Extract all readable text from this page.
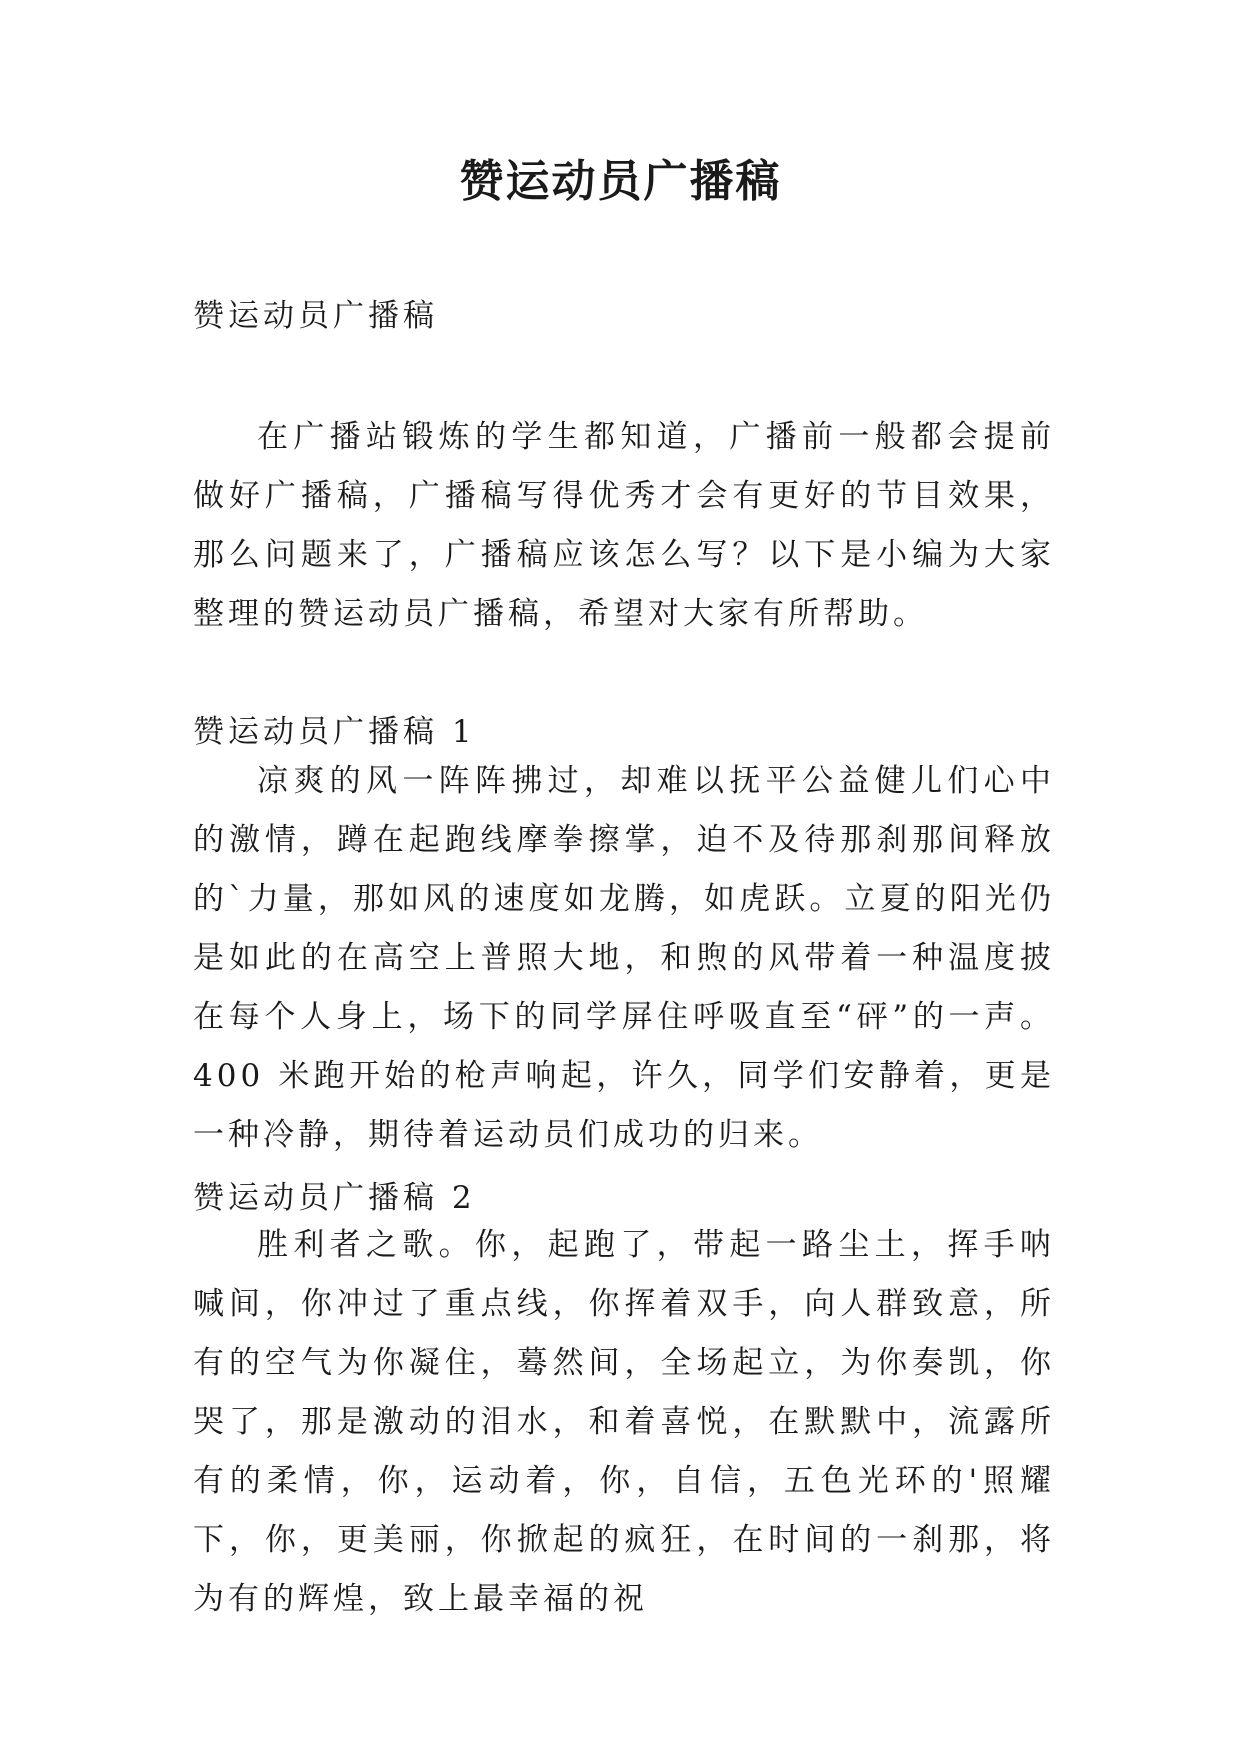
赞运动员广播稿

赞运动员广播稿

在广播站锻炼的学生都知道，广播前一般都会提前做好广播稿，广播稿写得优秀才会有更好的节目效果，那么问题来了，广播稿应该怎么写？以下是小编为大家整理的赞运动员广播稿，希望对大家有所帮助。

赞运动员广播稿 1

凉爽的风一阵阵拂过，却难以抚平公益健儿们心中的激情，蹲在起跑线摩拳擦掌，迫不及待那刹那间释放的`力量，那如风的速度如龙腾，如虎跃。立夏的阳光仍是如此的在高空上普照大地，和煦的风带着一种温度披在每个人身上，场下的同学屏住呼吸直至“砰”的一声。400 米跑开始的枪声响起，许久，同学们安静着，更是一种冷静，期待着运动员们成功的归来。

赞运动员广播稿 2

胜利者之歌。你，起跑了，带起一路尘土，挥手呐喊间，你冲过了重点线，你挥着双手，向人群致意，所有的空气为你凝住，蓦然间，全场起立，为你奏凯，你哭了，那是激动的泪水，和着喜悦，在默默中，流露所有的柔情，你，运动着，你，自信，五色光环的'照耀下，你，更美丽，你掀起的疯狂，在时间的一刹那，将为有的辉煌，致上最幸福的祝
